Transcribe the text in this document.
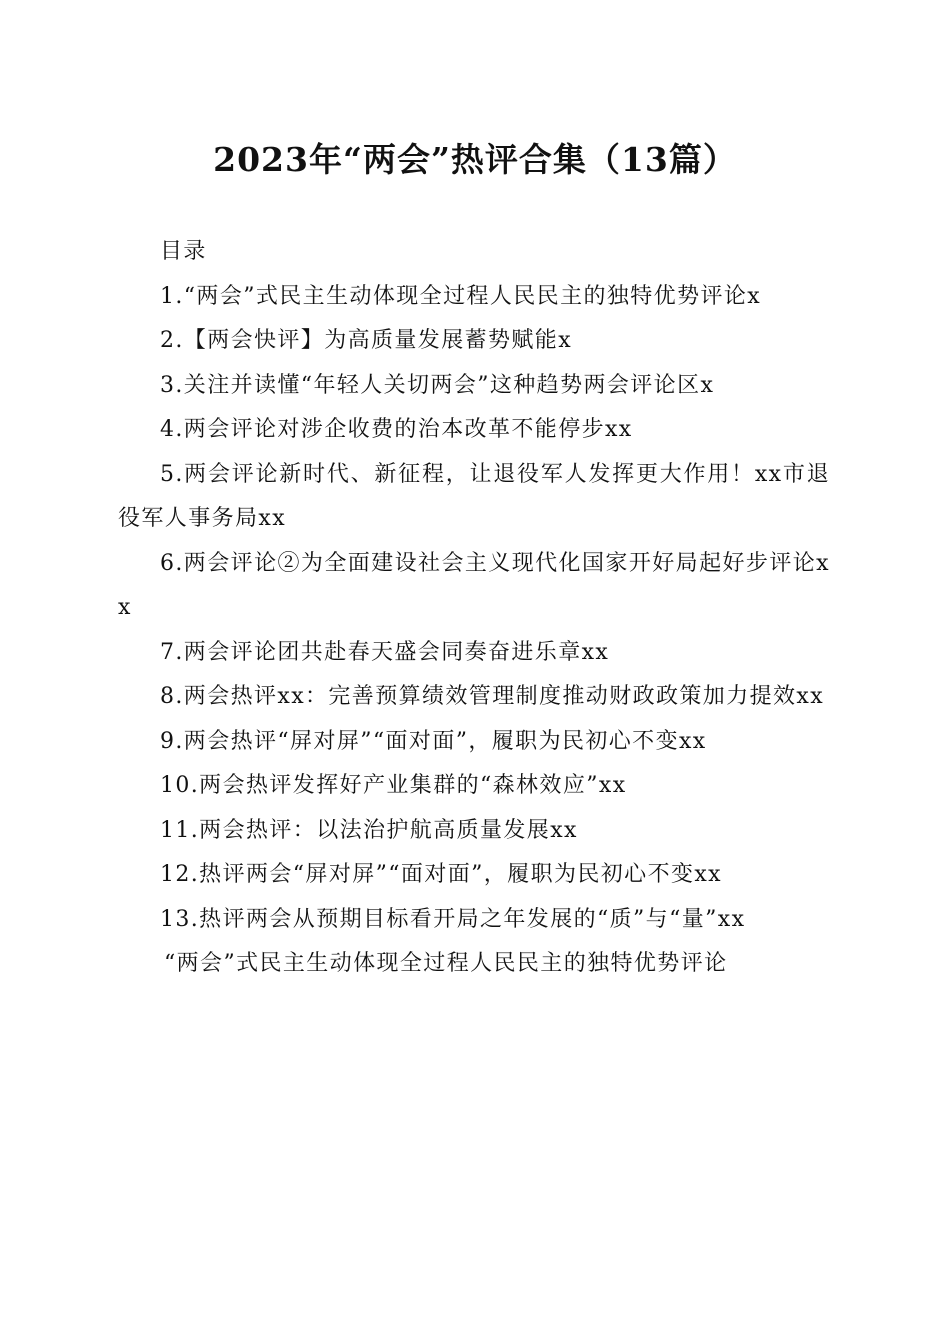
2023年“两会”热评合集（13篇）

目录

1.“两会”式民主生动体现全过程人民民主的独特优势评论x

2.【两会快评】为高质量发展蓄势赋能x

3.关注并读懂“年轻人关切两会”这种趋势两会评论区x

4.两会评论对涉企收费的治本改革不能停步xx

5.两会评论新时代、新征程，让退役军人发挥更大作用！xx市退役军人事务局xx

6.两会评论②为全面建设社会主义现代化国家开好局起好步评论xx

7.两会评论团共赴春天盛会同奏奋进乐章xx

8.两会热评xx：完善预算绩效管理制度推动财政政策加力提效xx

9.两会热评“屏对屏”“面对面”，履职为民初心不变xx

10.两会热评发挥好产业集群的“森林效应”xx

11.两会热评：以法治护航高质量发展xx

12.热评两会“屏对屏”“面对面”，履职为民初心不变xx

13.热评两会从预期目标看开局之年发展的“质”与“量”xx

“两会”式民主生动体现全过程人民民主的独特优势评论
